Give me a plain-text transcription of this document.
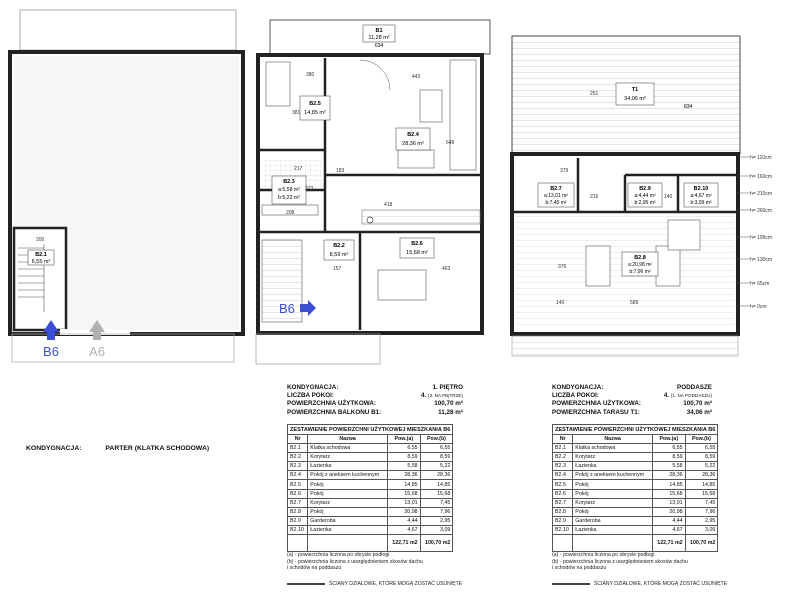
200
B2.1
6,55 m²
B6 A6
B1
11,28 m²
634
B2.5
14,85 m²
B2.4
28,36 m²
B2.3
a:5,58 m²
b:5,22 m²
B2.2
8,59 m²
B2.6
15,68 m²
443
380
381
648
418
463
157
183
208
217
323
B6
T1
34,06 m²
834
B2.7
a:13,01 m²
b:7,45 m²
B2.9
a:4,44 m²
b:2,95 m²
B2.10
a:4,67 m²
b:3,09 m²
B2.8
a:20,98 m²
b:7,96 m²
251
376
589
140
216	140
379
h= 110cm
h= 160cm
h= 210cm
h= 260cm
h= 195cm
h= 130cm
h= 65cm
h= 0cm
KONDYGNACJA:	PARTER (KLATKA SCHODOWA)
KONDYGNACJA:	1. PIĘTRO
LICZBA POKOI:	4. (3. NA PIĘTRZE)
POWIERZCHNIA UŻYTKOWA:	100,70 m²
POWIERZCHNIA BALKONU B1:	11,28 m²
KONDYGNACJA:	PODDASZE
LICZBA POKOI:	4. (1. NA PODDASZU)
POWIERZCHNIA UŻYTKOWA:	100,70 m²
POWIERZCHNIA TARASU T1:	34,06 m²
ZESTAWIENIE POWIERZCHNI UŻYTKOWEJ MIESZKANIA B6			
Nr	Nazwa	Pow.(a)	Pow.(b)
B2.1	Klatka schodowa	6,55	6,55
B2.2	Korytarz	8,59	8,59
B2.3	Łazienka	5,58	5,22
B2.4	Pokój z aneksem kuchennym	28,36	28,36
B2.5	Pokój	14,85	14,85
B2.6	Pokój	15,68	15,68
B2.7	Korytarz	13,01	7,45
B2.8	Pokój	20,98	7,96
B2.9	Garderoba	4,44	2,95
B2.10	Łazienka	4,67	3,09
		122,71 m2	100,70 m2
(a) - powierzchnia liczona po obrysie podłogi
(b) - powierzchnia liczona z uwzględnieniem skosów dachu
i schodów na poddaszu
ŚCIANY DZIAŁOWE, KTÓRE MOGĄ ZOSTAĆ USUNIĘTE
ZESTAWIENIE POWIERZCHNI UŻYTKOWEJ MIESZKANIA B6			
Nr	Nazwa	Pow.(a)	Pow.(b)
B2.1	Klatka schodowa	6,55	6,55
B2.2	Korytarz	8,59	8,59
B2.3	Łazienka	5,58	5,22
B2.4	Pokój z aneksem kuchennym	28,36	28,36
B2.5	Pokój	14,85	14,85
B2.6	Pokój	15,68	15,68
B2.7	Korytarz	13,01	7,45
B2.8	Pokój	20,98	7,96
B2.9	Garderoba	4,44	2,95
B2.10	Łazienka	4,67	3,09
		122,71 m2	100,70 m2
(a) - powierzchnia liczona po obrysie podłogi
(b) - powierzchnia liczona z uwzględnieniem skosów dachu
i schodów na poddaszu
ŚCIANY DZIAŁOWE, KTÓRE MOGĄ ZOSTAĆ USUNIĘTE
